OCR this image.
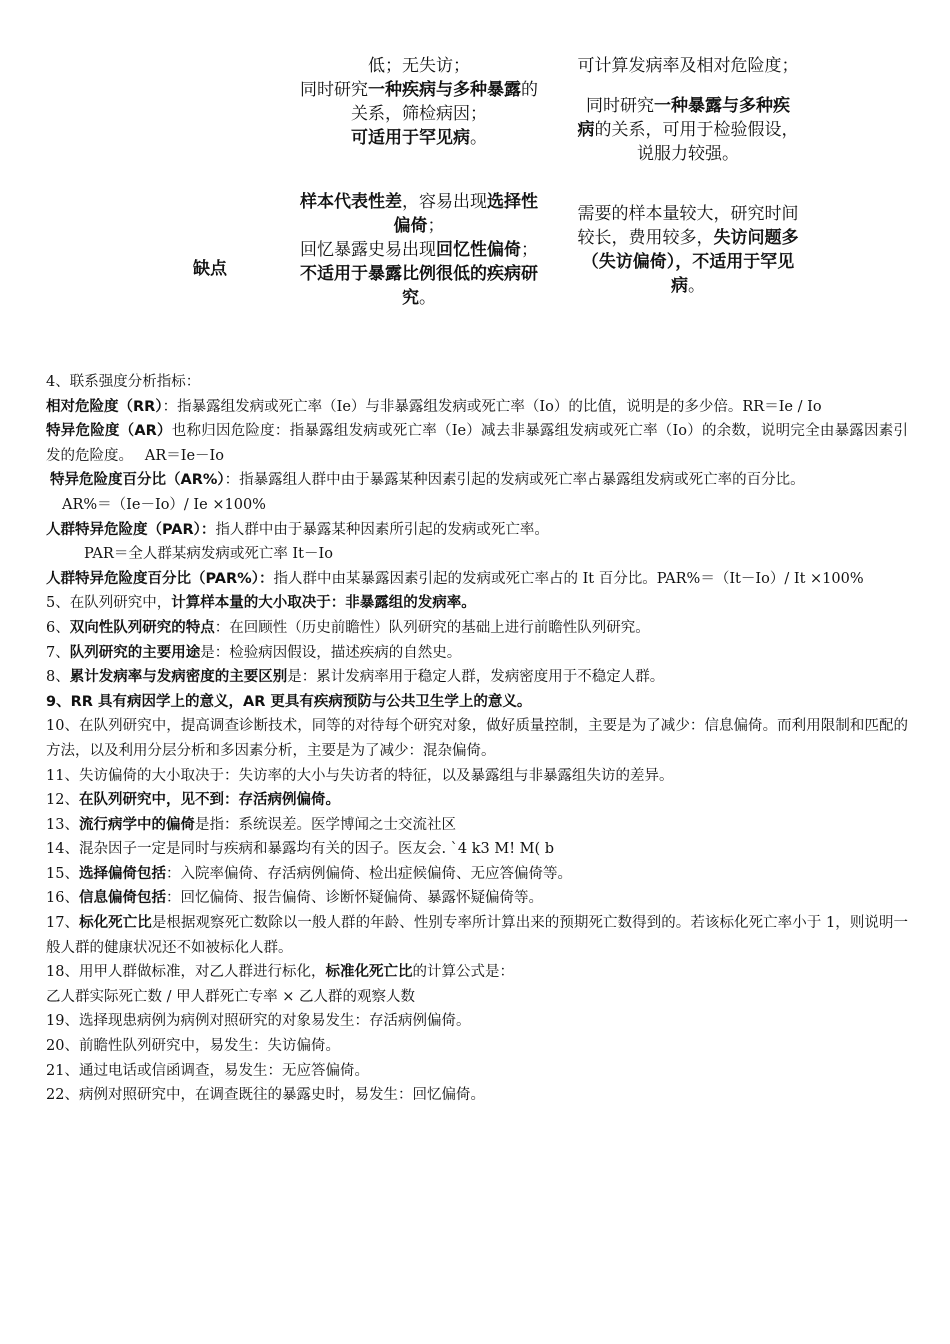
低；无失访；
同时研究一种疾病与多种暴露的
关系，筛检病因；
可适用于罕见病。
可计算发病率及相对危险度；
同时研究一种暴露与多种疾
病的关系，可用于检验假设，
说服力较强。
缺点
样本代表性差，容易出现选择性
偏倚；
回忆暴露史易出现回忆性偏倚；
不适用于暴露比例很低的疾病研
究。
需要的样本量较大，研究时间
较长，费用较多，失访问题多
（失访偏倚），不适用于罕见
病。

4、联系强度分析指标：

相对危险度（RR）：指暴露组发病或死亡率（Ie）与非暴露组发病或死亡率（Io）的比值，说明是的多少倍。RR＝Ie / Io

特异危险度（AR）也称归因危险度：指暴露组发病或死亡率（Ie）减去非暴露组发病或死亡率（Io）的余数，说明完全由暴露因素引发的危险度。　 AR＝Ie－Io

特异危险度百分比（AR%）：指暴露组人群中由于暴露某种因素引起的发病或死亡率占暴露组发病或死亡率的百分比。

AR%＝（Ie－Io）/ Ie ×100%

人群特异危险度（PAR）：指人群中由于暴露某种因素所引起的发病或死亡率。

PAR＝全人群某病发病或死亡率 It－Io

人群特异危险度百分比（PAR%）：指人群中由某暴露因素引起的发病或死亡率占的 It 百分比。PAR%＝（It－Io）/ It ×100%

5、在队列研究中，计算样本量的大小取决于：非暴露组的发病率。

6、双向性队列研究的特点：在回顾性（历史前瞻性）队列研究的基础上进行前瞻性队列研究。

7、队列研究的主要用途是：检验病因假设，描述疾病的自然史。

8、累计发病率与发病密度的主要区别是：累计发病率用于稳定人群，发病密度用于不稳定人群。

9、RR 具有病因学上的意义，AR 更具有疾病预防与公共卫生学上的意义。

10、在队列研究中，提高调查诊断技术，同等的对待每个研究对象，做好质量控制，主要是为了减少：信息偏倚。而利用限制和匹配的方法，以及利用分层分析和多因素分析，主要是为了减少：混杂偏倚。

11、失访偏倚的大小取决于：失访率的大小与失访者的特征，以及暴露组与非暴露组失访的差异。

12、在队列研究中，见不到：存活病例偏倚。

13、流行病学中的偏倚是指：系统误差。医学博闻之士交流社区

14、混杂因子一定是同时与疾病和暴露均有关的因子。医友会. `4 k3 M! M( b

15、选择偏倚包括：入院率偏倚、存活病例偏倚、检出症候偏倚、无应答偏倚等。

16、信息偏倚包括：回忆偏倚、报告偏倚、诊断怀疑偏倚、暴露怀疑偏倚等。

17、标化死亡比是根据观察死亡数除以一般人群的年龄、性别专率所计算出来的预期死亡数得到的。若该标化死亡率小于 1，则说明一般人群的健康状况还不如被标化人群。

18、用甲人群做标准，对乙人群进行标化，标准化死亡比的计算公式是：

乙人群实际死亡数 / 甲人群死亡专率 × 乙人群的观察人数

19、选择现患病例为病例对照研究的对象易发生：存活病例偏倚。

20、前瞻性队列研究中，易发生：失访偏倚。

21、通过电话或信函调查，易发生：无应答偏倚。

22、病例对照研究中，在调查既往的暴露史时，易发生：回忆偏倚。
